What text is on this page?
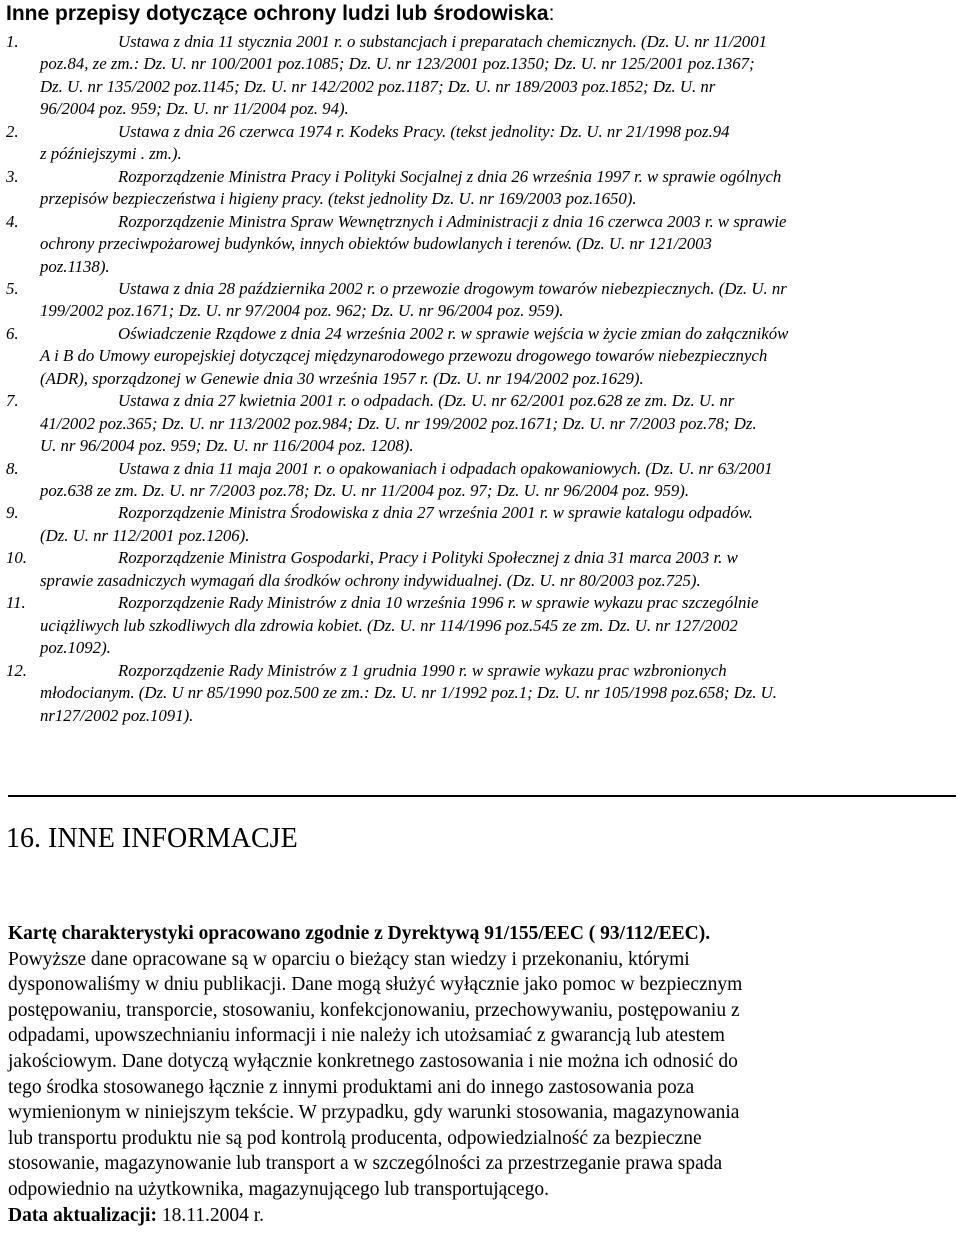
Inne przepisy dotyczące ochrony ludzi lub środowiska:
1.	Ustawa z dnia 11 stycznia 2001 r. o substancjach i preparatach chemicznych. (Dz. U. nr 11/2001
poz.84, ze zm.: Dz. U. nr 100/2001 poz.1085; Dz. U. nr 123/2001 poz.1350; Dz. U. nr 125/2001 poz.1367;
Dz. U. nr 135/2002 poz.1145; Dz. U. nr 142/2002 poz.1187; Dz. U. nr 189/2003 poz.1852; Dz. U. nr
96/2004 poz. 959; Dz. U. nr 11/2004 poz. 94).
2.	Ustawa z dnia 26 czerwca 1974 r. Kodeks Pracy. (tekst jednolity: Dz. U. nr 21/1998 poz.94
z późniejszymi . zm.).
3.	Rozporządzenie Ministra Pracy i Polityki Socjalnej z dnia 26 września 1997 r. w sprawie ogólnych
przepisów bezpieczeństwa i higieny pracy. (tekst jednolity Dz. U. nr 169/2003 poz.1650).
4.	Rozporządzenie Ministra Spraw Wewnętrznych i Administracji z dnia 16 czerwca 2003 r. w sprawie
ochrony przeciwpożarowej budynków, innych obiektów budowlanych i terenów. (Dz. U. nr 121/2003
poz.1138).
5.	Ustawa z dnia 28 października 2002 r. o przewozie drogowym towarów niebezpiecznych. (Dz. U. nr
199/2002 poz.1671; Dz. U. nr 97/2004 poz. 962; Dz. U. nr 96/2004 poz. 959).
6.	Oświadczenie Rządowe z dnia 24 września 2002 r. w sprawie wejścia w życie zmian do załączników
A i B do Umowy europejskiej dotyczącej międzynarodowego przewozu drogowego towarów niebezpiecznych
(ADR), sporządzonej w Genewie dnia 30 września 1957 r. (Dz. U. nr 194/2002 poz.1629).
7.	Ustawa z dnia 27 kwietnia 2001 r. o odpadach. (Dz. U. nr 62/2001 poz.628 ze zm. Dz. U. nr
41/2002 poz.365; Dz. U. nr 113/2002 poz.984; Dz. U. nr 199/2002 poz.1671; Dz. U. nr 7/2003 poz.78; Dz.
U. nr 96/2004 poz. 959; Dz. U. nr 116/2004 poz. 1208).
8.	Ustawa z dnia 11 maja 2001 r. o opakowaniach i odpadach opakowaniowych. (Dz. U. nr 63/2001
poz.638 ze zm. Dz. U. nr 7/2003 poz.78; Dz. U. nr 11/2004 poz. 97; Dz. U. nr 96/2004 poz. 959).
9.	Rozporządzenie Ministra Środowiska z dnia 27 września 2001 r. w sprawie katalogu odpadów.
(Dz. U. nr 112/2001 poz.1206).
10.	Rozporządzenie Ministra Gospodarki, Pracy i Polityki Społecznej z dnia 31 marca 2003 r. w
sprawie zasadniczych wymagań dla środków ochrony indywidualnej. (Dz. U. nr 80/2003 poz.725).
11.	Rozporządzenie Rady Ministrów z dnia 10 września 1996 r. w sprawie wykazu prac szczególnie
uciążliwych lub szkodliwych dla zdrowia kobiet. (Dz. U. nr 114/1996 poz.545 ze zm. Dz. U. nr 127/2002
poz.1092).
12.	Rozporządzenie Rady Ministrów z 1 grudnia 1990 r. w sprawie wykazu prac wzbronionych
młodocianym. (Dz. U nr 85/1990 poz.500 ze zm.: Dz. U. nr 1/1992 poz.1; Dz. U. nr 105/1998 poz.658; Dz. U.
nr127/2002 poz.1091).
16. INNE INFORMACJE
Kartę charakterystyki opracowano zgodnie z Dyrektywą 91/155/EEC ( 93/112/EEC).
Powyższe dane opracowane są w oparciu o bieżący stan wiedzy i przekonaniu, którymi
dysponowaliśmy w dniu publikacji. Dane mogą służyć wyłącznie jako pomoc w bezpiecznym
postępowaniu, transporcie, stosowaniu, konfekcjonowaniu, przechowywaniu, postępowaniu z
odpadami, upowszechnianiu informacji i nie należy ich utożsamiać z gwarancją lub atestem
jakościowym. Dane dotyczą wyłącznie konkretnego zastosowania i nie można ich odnosić do
tego środka stosowanego łącznie z innymi produktami ani do innego zastosowania poza
wymienionym w niniejszym tekście. W przypadku, gdy warunki stosowania, magazynowania
lub transportu produktu nie są pod kontrolą producenta, odpowiedzialność za bezpieczne
stosowanie, magazynowanie lub transport a w szczególności za przestrzeganie prawa spada
odpowiednio na użytkownika, magazynującego lub transportującego.
Data aktualizacji: 18.11.2004 r.
